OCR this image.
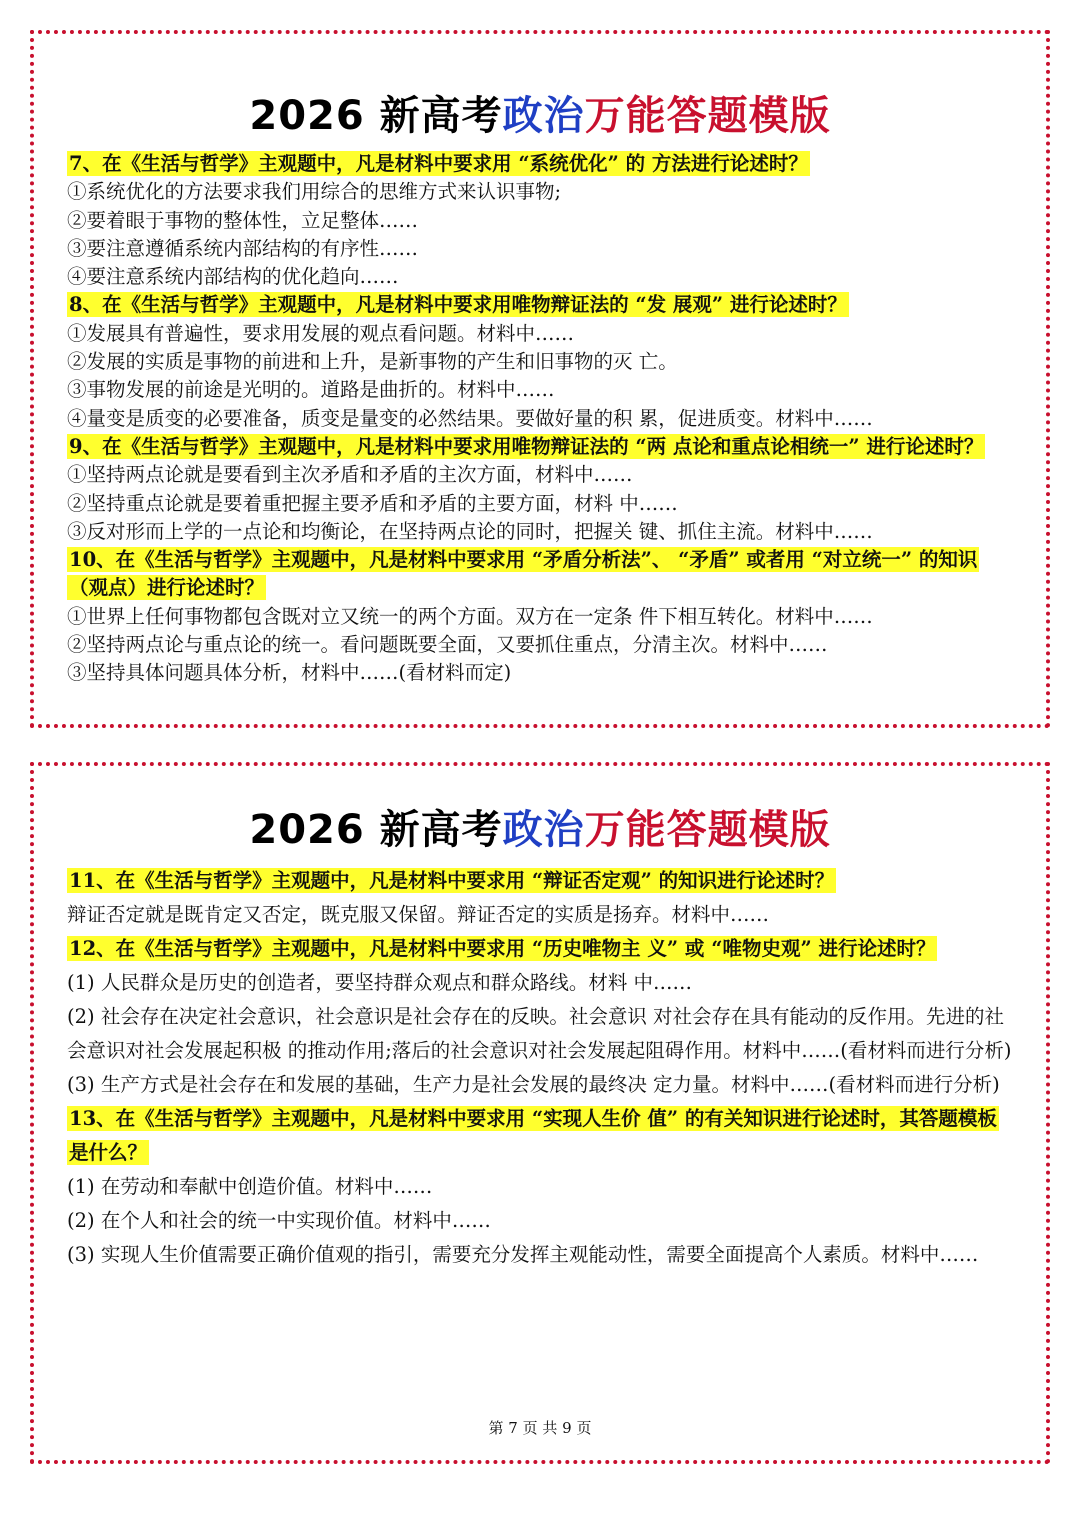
2026 新高考政治万能答题模版

7、在《生活与哲学》主观题中，凡是材料中要求用 “系统优化” 的 方法进行论述时？

①系统优化的方法要求我们用综合的思维方式来认识事物;

②要着眼于事物的整体性，立足整体……

③要注意遵循系统内部结构的有序性……

④要注意系统内部结构的优化趋向……

8、在《生活与哲学》主观题中，凡是材料中要求用唯物辩证法的 “发 展观” 进行论述时？

①发展具有普遍性，要求用发展的观点看问题。材料中……

②发展的实质是事物的前进和上升，是新事物的产生和旧事物的灭 亡。

③事物发展的前途是光明的。道路是曲折的。材料中……

④量变是质变的必要准备，质变是量变的必然结果。要做好量的积 累，促进质变。材料中……

9、在《生活与哲学》主观题中，凡是材料中要求用唯物辩证法的 “两 点论和重点论相统一” 进行论述时？

①坚持两点论就是要看到主次矛盾和矛盾的主次方面，材料中……

②坚持重点论就是要着重把握主要矛盾和矛盾的主要方面，材料 中……

③反对形而上学的一点论和均衡论，在坚持两点论的同时，把握关 键、抓住主流。材料中……

10、在《生活与哲学》主观题中，凡是材料中要求用 “矛盾分析法”、 “矛盾” 或者用 “对立统一” 的知识（观点）进行论述时？

①世界上任何事物都包含既对立又统一的两个方面。双方在一定条 件下相互转化。材料中……

②坚持两点论与重点论的统一。看问题既要全面，又要抓住重点，分清主次。材料中……

③坚持具体问题具体分析，材料中……(看材料而定)

2026 新高考政治万能答题模版

11、在《生活与哲学》主观题中，凡是材料中要求用 “辩证否定观” 的知识进行论述时？

辩证否定就是既肯定又否定，既克服又保留。辩证否定的实质是扬弃。材料中……

12、在《生活与哲学》主观题中，凡是材料中要求用 “历史唯物主 义” 或 “唯物史观” 进行论述时？

(1) 人民群众是历史的创造者，要坚持群众观点和群众路线。材料 中……

(2) 社会存在决定社会意识，社会意识是社会存在的反映。社会意识 对社会存在具有能动的反作用。先进的社会意识对社会发展起积极 的推动作用;落后的社会意识对社会发展起阻碍作用。材料中……(看材料而进行分析)

(3) 生产方式是社会存在和发展的基础，生产力是社会发展的最终决 定力量。材料中……(看材料而进行分析)

13、在《生活与哲学》主观题中，凡是材料中要求用 “实现人生价 值” 的有关知识进行论述时，其答题模板是什么？

(1) 在劳动和奉献中创造价值。材料中……

(2) 在个人和社会的统一中实现价值。材料中……

(3) 实现人生价值需要正确价值观的指引，需要充分发挥主观能动性，需要全面提高个人素质。材料中……

第 7 页 共 9 页
